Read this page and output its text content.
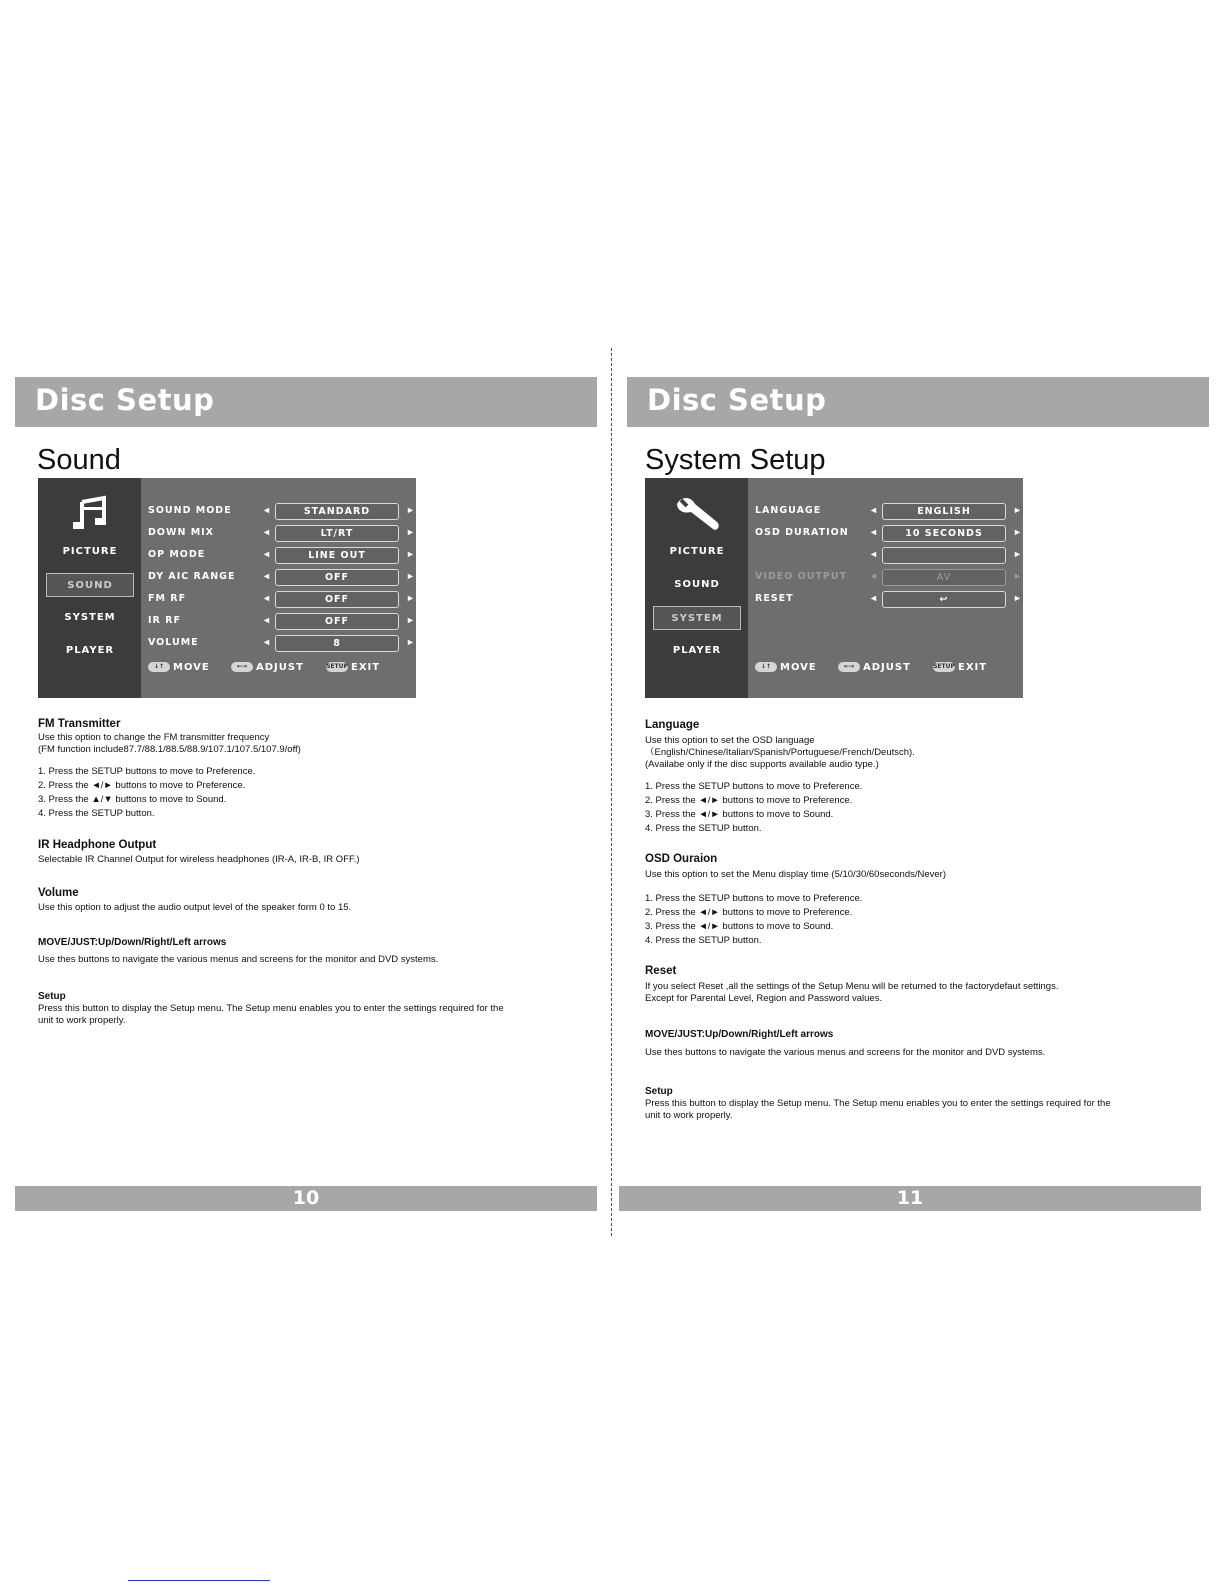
Disc Setup
Sound
PICTURE
SOUND
SYSTEM
PLAYER
SOUND MODE	◄	STANDARD	►
DOWN MIX	◄	LT/RT	►
OP MODE	◄	LINE OUT	►
DY AIC RANGE	◄	OFF	►
FM RF	◄	OFF	►
IR RF	◄	OFF	►
VOLUME	◄	8	►
↓↑ MOVE	←→ ADJUST	SETUP EXIT
FM Transmitter
Use this option to change the FM transmitter frequency
(FM function include87.7/88.1/88.5/88.9/107.1/107.5/107.9/off)
1. Press the SETUP buttons to move to Preference.
2. Press the ◄/► buttons to move to Preference.
3. Press the ▲/▼ buttons to move to Sound.
4. Press the SETUP button.
IR Headphone Output
Selectable IR Channel Output for wireless headphones (IR-A, IR-B, IR OFF.)
Volume
Use this option to adjust the audio output level of the speaker form 0 to 15.
MOVE/JUST:Up/Down/Right/Left arrows
Use thes buttons to navigate the various menus and screens for the monitor and DVD systems.
Setup
Press this button to display the Setup menu. The Setup menu enables you to enter the settings required for the
unit to work properly.
10
Disc Setup
System Setup
PICTURE
SOUND
SYSTEM
PLAYER
LANGUAGE	◄	ENGLISH	►
OSD DURATION ◄	10 SECONDS	►
◄	►
VIDEO OUTPUT ◄	AV	►
RESET	◄	↩	►
↓↑ MOVE	←→ ADJUST	SETUP EXIT
Language
Use this option to set the OSD language
（English/Chinese/Italian/Spanish/Portuguese/French/Deutsch).
(Availabe only if the disc supports available audio type.)
1. Press the SETUP buttons to move to Preference.
2. Press the ◄/► buttons to move to Preference.
3. Press the ◄/► buttons to move to Sound.
4. Press the SETUP button.
OSD Ouraion
Use this option to set the Menu display time (5/10/30/60seconds/Never)
1. Press the SETUP buttons to move to Preference.
2. Press the ◄/► buttons to move to Preference.
3. Press the ◄/► buttons to move to Sound.
4. Press the SETUP button.
Reset
If you select Reset ,all the settings of the Setup Menu will be returned to the factorydefaut settings.
Except for Parental Level, Region and Password values.
MOVE/JUST:Up/Down/Right/Left arrows
Use thes buttons to navigate the various menus and screens for the monitor and DVD systems.
Setup
Press this button to display the Setup menu. The Setup menu enables you to enter the settings required for the
unit to work properly.
11
